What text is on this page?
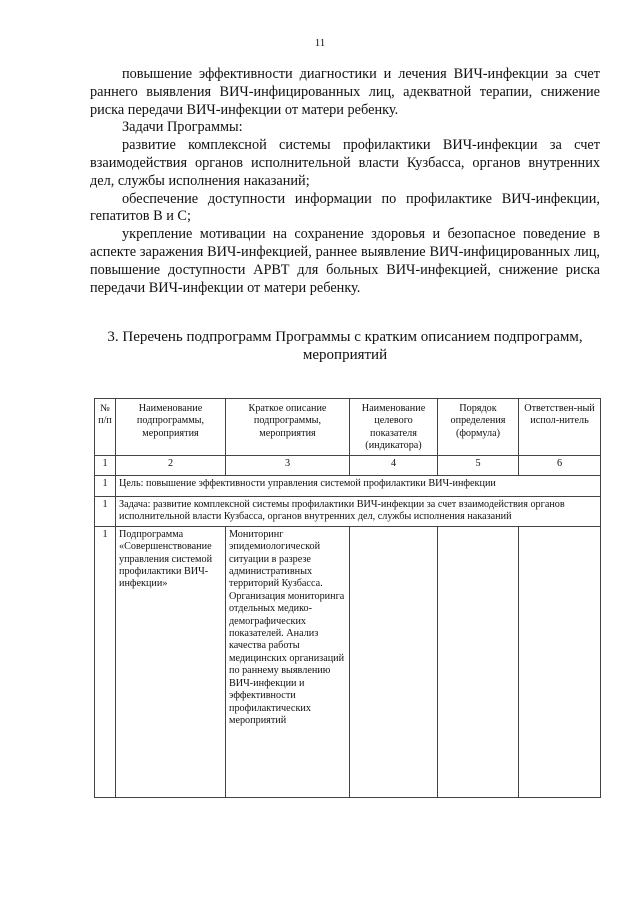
11

повышение эффективности диагностики и лечения ВИЧ-инфекции за счет раннего выявления ВИЧ-инфицированных лиц, адекватной терапии, снижение риска передачи ВИЧ-инфекции от матери ребенку.

Задачи Программы:

развитие комплексной системы профилактики ВИЧ-инфекции за счет взаимодействия органов исполнительной власти Кузбасса, органов внутренних дел, службы исполнения наказаний;

обеспечение доступности информации по профилактике ВИЧ-инфекции, гепатитов В и С;

укрепление мотивации на сохранение здоровья и безопасное поведение в аспекте заражения ВИЧ-инфекцией, раннее выявление ВИЧ-инфицированных лиц, повышение доступности АРВТ для больных ВИЧ-инфекцией, снижение риска передачи ВИЧ-инфекции от матери ребенку.

3. Перечень подпрограмм Программы с кратким описанием подпрограмм, мероприятий
№ п/п	Наименование подпрограммы, мероприятия	Краткое описание подпрограммы, мероприятия	Наименование целевого показателя (индикатора)	Порядок определения (формула)	Ответствен-ный испол-нитель
1	2	3	4	5	6
1	Цель: повышение эффективности управления системой профилактики ВИЧ-инфекции				
1	Задача: развитие комплексной системы профилактики ВИЧ-инфекции за счет взаимодействия органов исполнительной власти Кузбасса, органов внутренних дел, службы исполнения наказаний				
1	Подпрограмма «Совершенствование управления системой профилактики ВИЧ-инфекции»	Мониторинг эпидемиологической ситуации в разрезе административных территорий Кузбасса. Организация мониторинга отдельных медико-демографических показателей. Анализ качества работы медицинских организаций по раннему выявлению ВИЧ-инфекции и эффективности профилактических мероприятий			
